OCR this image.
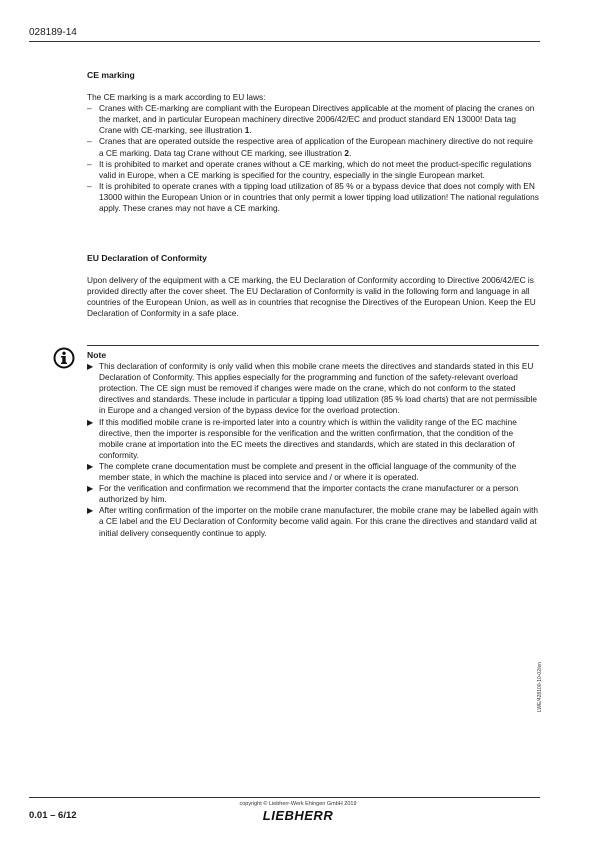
028189-14
CE marking

The CE marking is a mark according to EU laws:

– Cranes with CE-marking are compliant with the European Directives applicable at the moment of placing the cranes on the market, and in particular European machinery directive 2006/42/EC and product standard EN 13000! Data tag Crane with CE-marking, see illustration 1.
– Cranes that are operated outside the respective area of application of the European machinery directive do not require a CE marking. Data tag Crane without CE marking, see illustration 2.
– It is prohibited to market and operate cranes without a CE marking, which do not meet the product-specific regulations valid in Europe, when a CE marking is specified for the country, especially in the single European market.
– It is prohibited to operate cranes with a tipping load utilization of 85 % or a bypass device that does not comply with EN 13000 within the European Union or in countries that only permit a lower tipping load utilization! The national regulations apply. These cranes may not have a CE marking.
EU Declaration of Conformity

Upon delivery of the equipment with a CE marking, the EU Declaration of Conformity according to Directive 2006/42/EC is provided directly after the cover sheet. The EU Declaration of Conformity is valid in the following form and language in all countries of the European Union, as well as in countries that recognise the Directives of the European Union. Keep the EU Declaration of Conformity in a safe place.

Note
▶ This declaration of conformity is only valid when this mobile crane meets the directives and standards stated in this EU Declaration of Conformity. This applies especially for the programming and function of the safety-relevant overload protection. The CE sign must be removed if changes were made on the crane, which do not conform to the stated directives and standards. These include in particular a tipping load utilization (85 % load charts) that are not permissible in Europe and a changed version of the bypass device for the overload protection.
▶ If this modified mobile crane is re-imported later into a country which is within the validity range of the EC machine directive, then the importer is responsible for the verification and the written confirmation, that the condition of the mobile crane at importation into the EC meets the directives and standards, which are stated in this declaration of conformity.
▶ The complete crane documentation must be complete and present in the official language of the community of the member state, in which the machine is placed into service and / or where it is operated.
▶ For the verification and confirmation we recommend that the importer contacts the crane manufacturer or a person authorized by him.
▶ After writing confirmation of the importer on the mobile crane manufacturer, the mobile crane may be labelled again with a CE label and the EU Declaration of Conformity become valid again. For this crane the directives and standard valid at initial delivery consequently continue to apply.
LWE/428100-10-02/en
0.01 – 6/12
copyright © Liebherr-Werk Ehingen GmbH 2019
LIEBHERR
